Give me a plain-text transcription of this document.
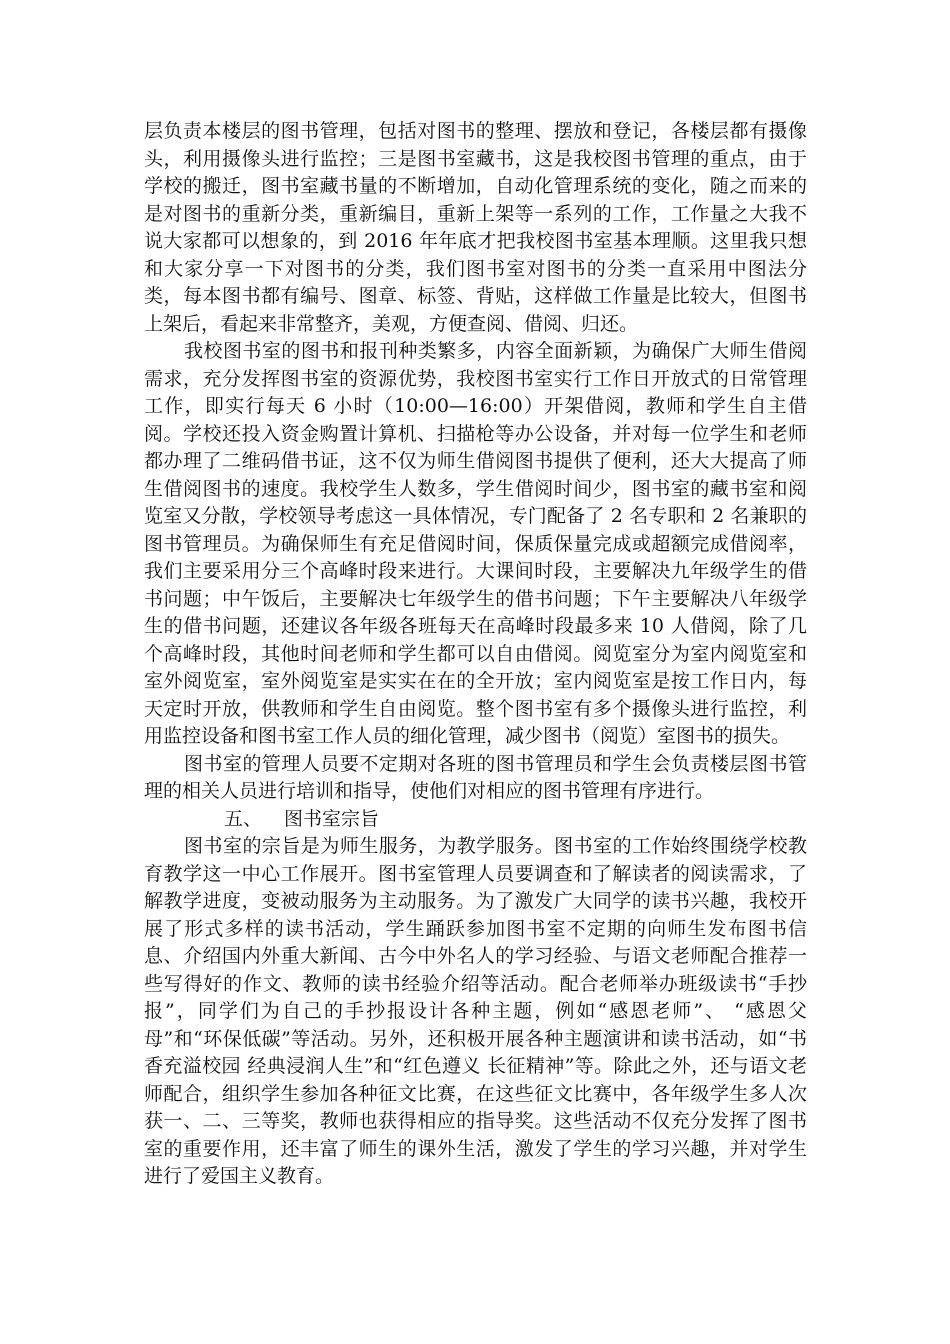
层负责本楼层的图书管理，包括对图书的整理、摆放和登记，各楼层都有摄像头，利用摄像头进行监控；三是图书室藏书，这是我校图书管理的重点，由于学校的搬迁，图书室藏书量的不断增加，自动化管理系统的变化，随之而来的是对图书的重新分类，重新编目，重新上架等一系列的工作，工作量之大我不说大家都可以想象的，到 2016 年年底才把我校图书室基本理顺。这里我只想和大家分享一下对图书的分类，我们图书室对图书的分类一直采用中图法分类，每本图书都有编号、图章、标签、背贴，这样做工作量是比较大，但图书上架后，看起来非常整齐，美观，方便查阅、借阅、归还。

我校图书室的图书和报刊种类繁多，内容全面新颖，为确保广大师生借阅需求，充分发挥图书室的资源优势，我校图书室实行工作日开放式的日常管理工作，即实行每天 6 小时（10:00—16:00）开架借阅，教师和学生自主借阅。学校还投入资金购置计算机、扫描枪等办公设备，并对每一位学生和老师都办理了二维码借书证，这不仅为师生借阅图书提供了便利，还大大提高了师生借阅图书的速度。我校学生人数多，学生借阅时间少，图书室的藏书室和阅览室又分散，学校领导考虑这一具体情况，专门配备了 2 名专职和 2 名兼职的图书管理员。为确保师生有充足借阅时间，保质保量完成或超额完成借阅率，我们主要采用分三个高峰时段来进行。大课间时段，主要解决九年级学生的借书问题；中午饭后，主要解决七年级学生的借书问题；下午主要解决八年级学生的借书问题，还建议各年级各班每天在高峰时段最多来 10 人借阅，除了几个高峰时段，其他时间老师和学生都可以自由借阅。阅览室分为室内阅览室和室外阅览室，室外阅览室是实实在在的全开放；室内阅览室是按工作日内，每天定时开放，供教师和学生自由阅览。整个图书室有多个摄像头进行监控，利用监控设备和图书室工作人员的细化管理，减少图书（阅览）室图书的损失。

图书室的管理人员要不定期对各班的图书管理员和学生会负责楼层图书管理的相关人员进行培训和指导，使他们对相应的图书管理有序进行。

五、 图书室宗旨

图书室的宗旨是为师生服务，为教学服务。图书室的工作始终围绕学校教育教学这一中心工作展开。图书室管理人员要调查和了解读者的阅读需求，了解教学进度，变被动服务为主动服务。为了激发广大同学的读书兴趣，我校开展了形式多样的读书活动，学生踊跃参加图书室不定期的向师生发布图书信息、介绍国内外重大新闻、古今中外名人的学习经验、与语文老师配合推荐一些写得好的作文、教师的读书经验介绍等活动。配合老师举办班级读书“手抄报”，同学们为自己的手抄报设计各种主题，例如“感恩老师”、 “感恩父母”和“环保低碳”等活动。另外，还积极开展各种主题演讲和读书活动，如“书香充溢校园 经典浸润人生”和“红色遵义 长征精神”等。除此之外，还与语文老师配合，组织学生参加各种征文比赛，在这些征文比赛中，各年级学生多人次获一、二、三等奖，教师也获得相应的指导奖。这些活动不仅充分发挥了图书室的重要作用，还丰富了师生的课外生活，激发了学生的学习兴趣，并对学生进行了爱国主义教育。
